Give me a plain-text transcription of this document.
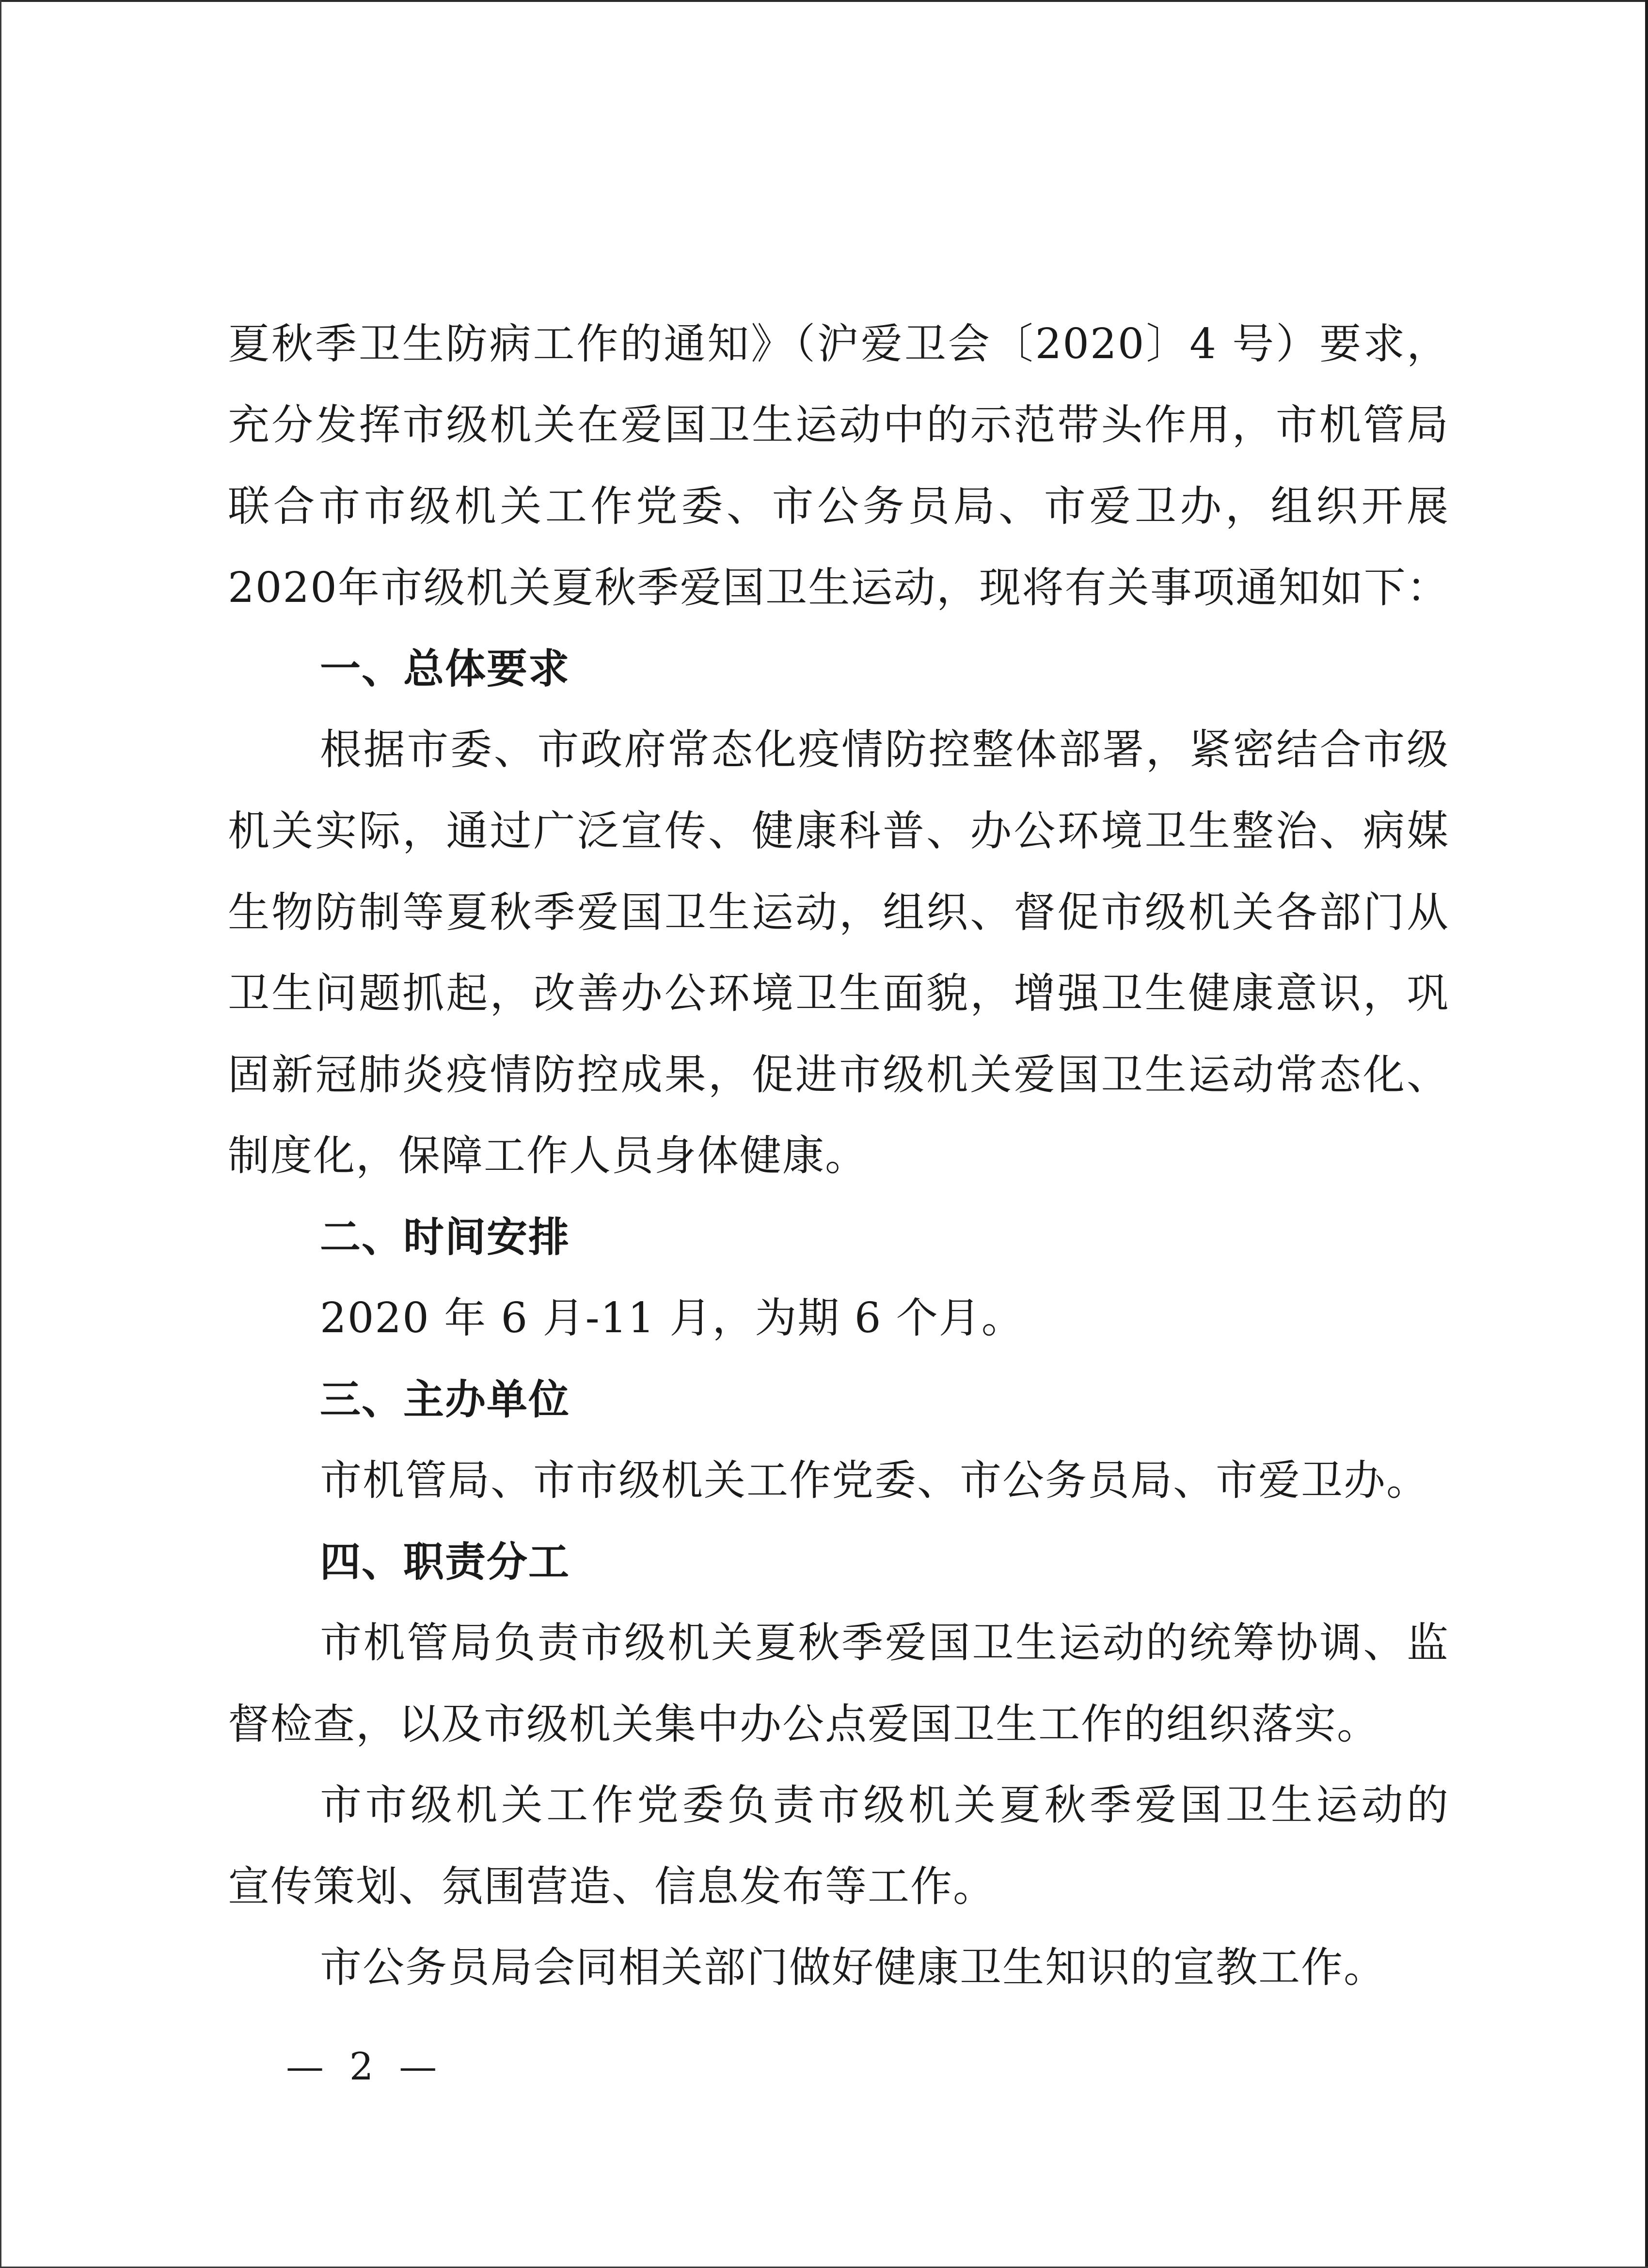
夏秋季卫生防病工作的通知》（沪爱卫会〔2020〕4 号）要求，
充分发挥市级机关在爱国卫生运动中的示范带头作用，市机管局
联合市市级机关工作党委、市公务员局、市爱卫办，组织开展
2020年市级机关夏秋季爱国卫生运动，现将有关事项通知如下：
一、总体要求
根据市委、市政府常态化疫情防控整体部署，紧密结合市级
机关实际，通过广泛宣传、健康科普、办公环境卫生整治、病媒
生物防制等夏秋季爱国卫生运动，组织、督促市级机关各部门从
卫生问题抓起，改善办公环境卫生面貌，增强卫生健康意识，巩
固新冠肺炎疫情防控成果，促进市级机关爱国卫生运动常态化、
制度化，保障工作人员身体健康。
二、时间安排
2020 年 6 月-11 月，为期 6 个月。
三、主办单位
市机管局、市市级机关工作党委、市公务员局、市爱卫办。
四、职责分工
市机管局负责市级机关夏秋季爱国卫生运动的统筹协调、监
督检查，以及市级机关集中办公点爱国卫生工作的组织落实。
市市级机关工作党委负责市级机关夏秋季爱国卫生运动的
宣传策划、氛围营造、信息发布等工作。
市公务员局会同相关部门做好健康卫生知识的宣教工作。
— 2 —
